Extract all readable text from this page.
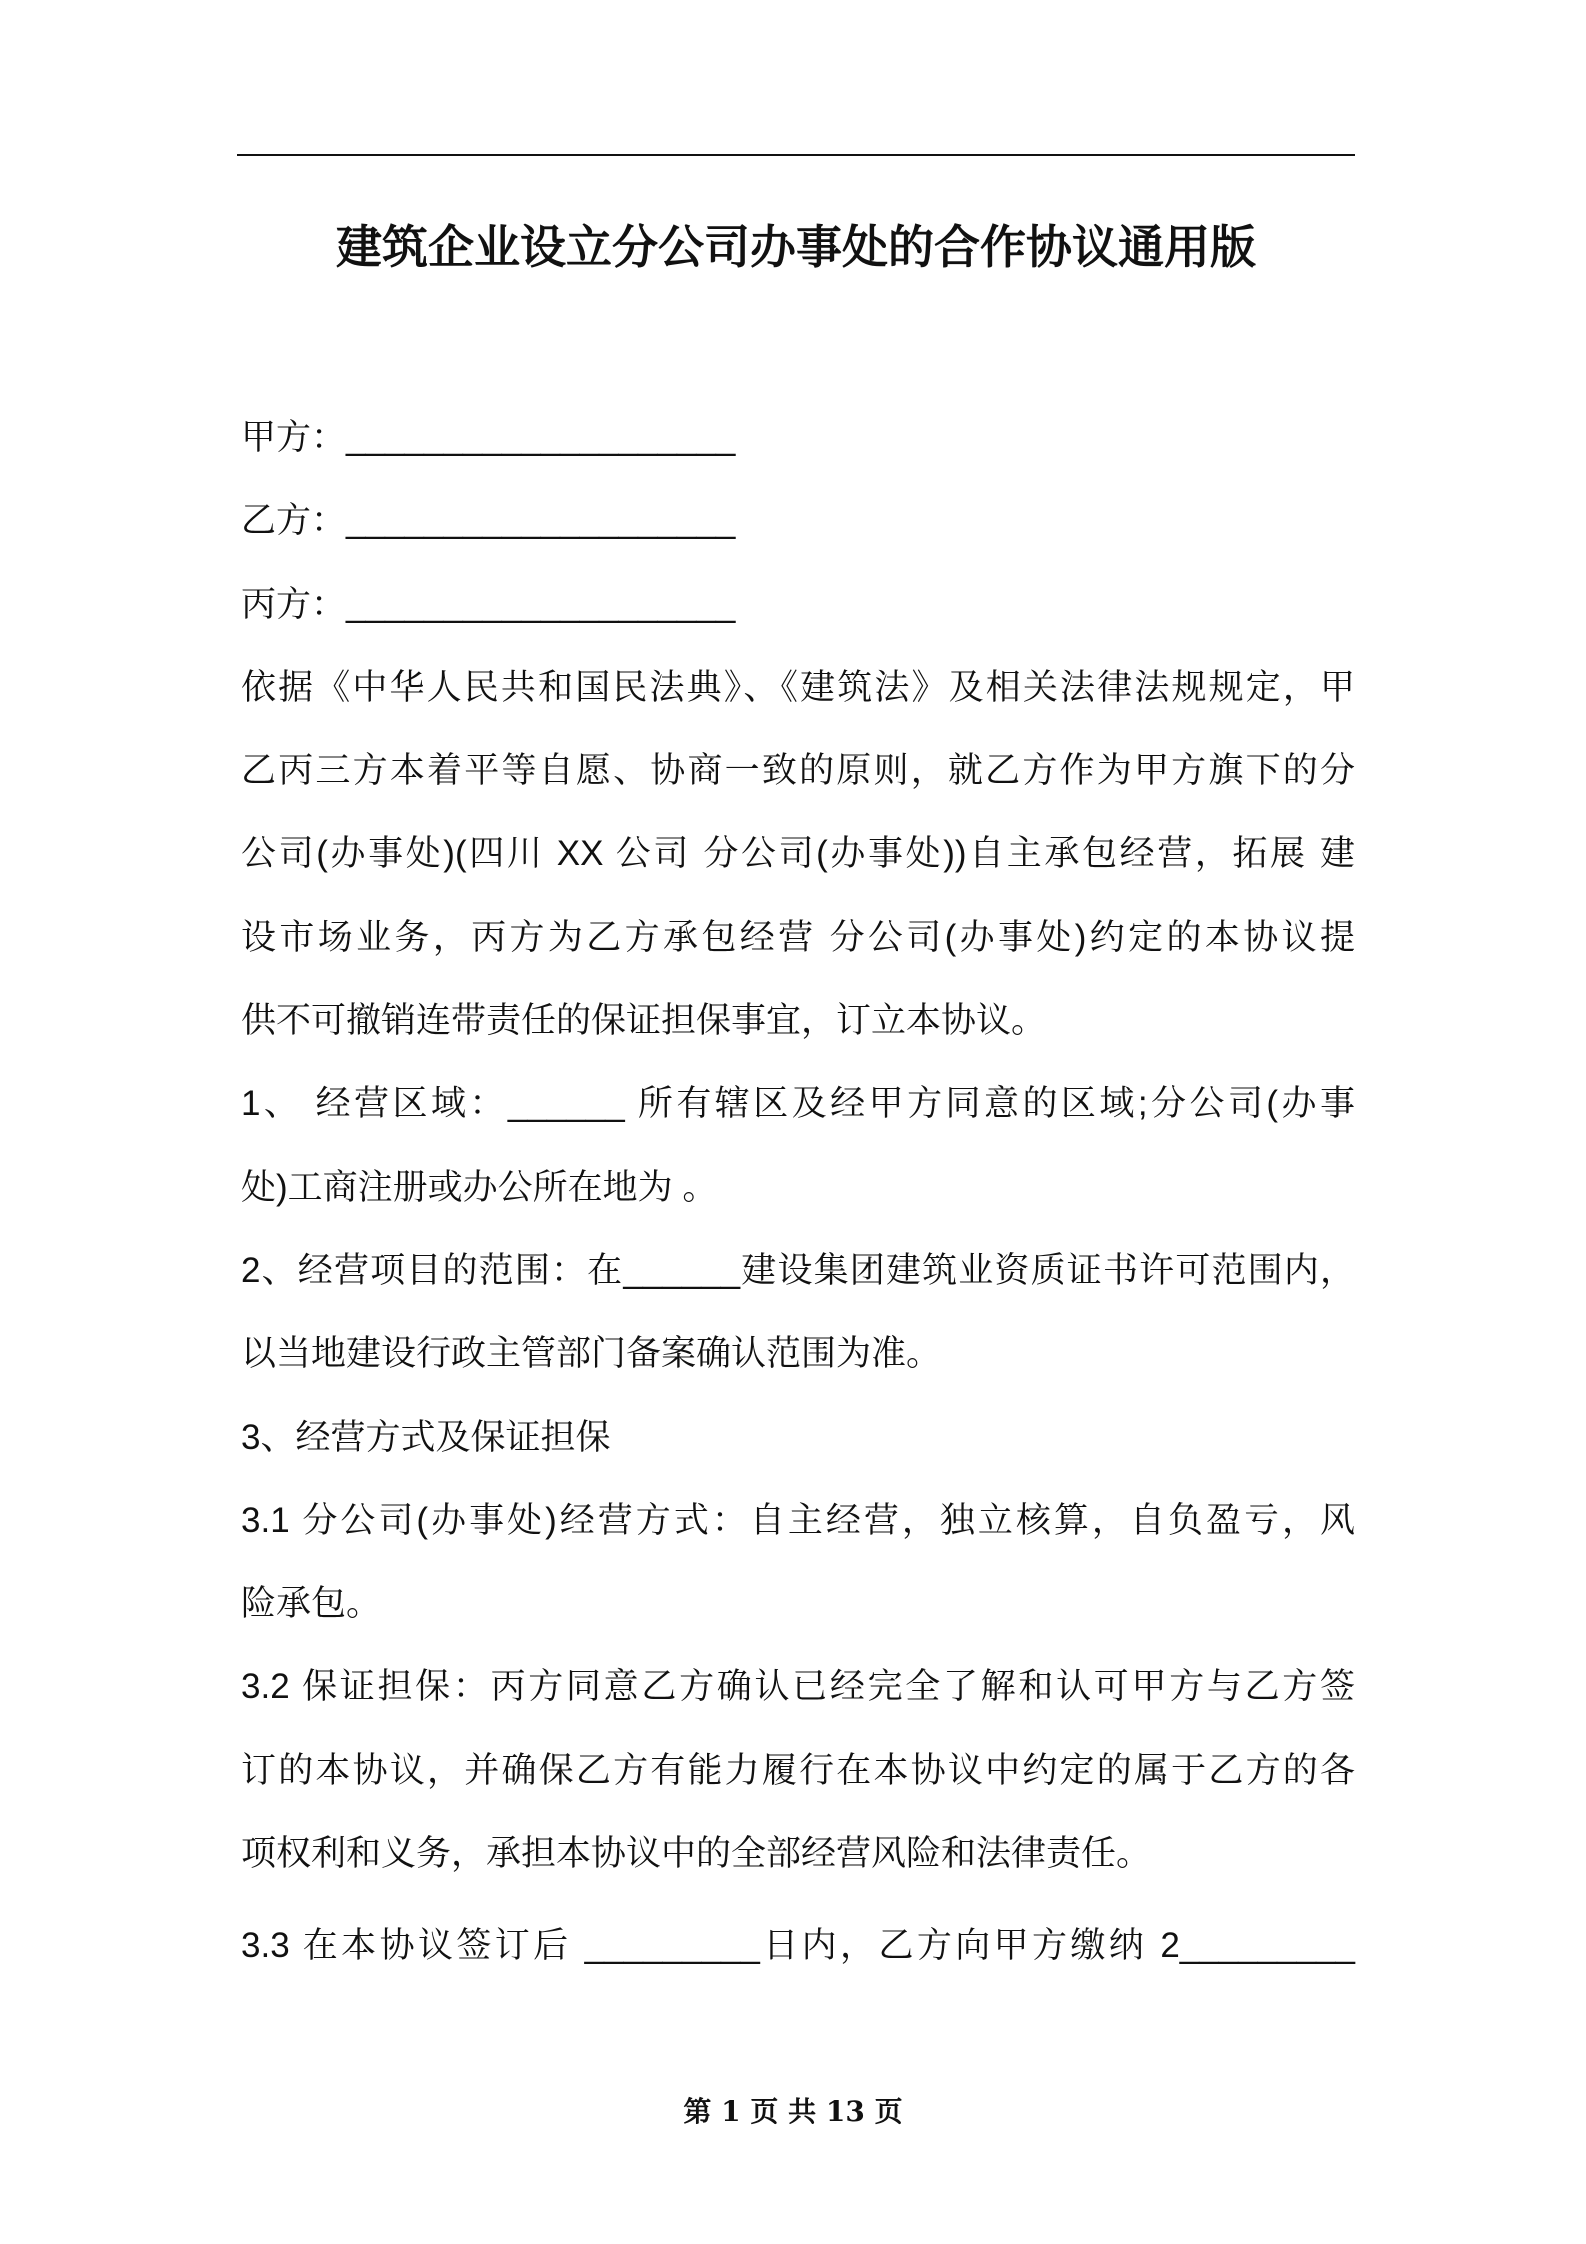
建筑企业设立分公司办事处的合作协议通用版
甲方：____________________
乙方：____________________
丙方：____________________
依据《中华人民共和国民法典》、《建筑法》及相关法律法规规定，甲
乙丙三方本着平等自愿、协商一致的原则，就乙方作为甲方旗下的分
公司(办事处)(四川 XX 公司 分公司(办事处))自主承包经营，拓展 建
设市场业务，丙方为乙方承包经营 分公司(办事处)约定的本协议提
供不可撤销连带责任的保证担保事宜，订立本协议。
1、 经营区域：______ 所有辖区及经甲方同意的区域;分公司(办事
处)工商注册或办公所在地为 。
2、经营项目的范围：在______建设集团建筑业资质证书许可范围内，
以当地建设行政主管部门备案确认范围为准。
3、经营方式及保证担保
3.1 分公司(办事处)经营方式：自主经营，独立核算，自负盈亏，风
险承包。
3.2 保证担保：丙方同意乙方确认已经完全了解和认可甲方与乙方签
订的本协议，并确保乙方有能力履行在本协议中约定的属于乙方的各
项权利和义务，承担本协议中的全部经营风险和法律责任。
3.3 在本协议签订后 _________日内，乙方向甲方缴纳 2_________
第 1 页 共 13 页
